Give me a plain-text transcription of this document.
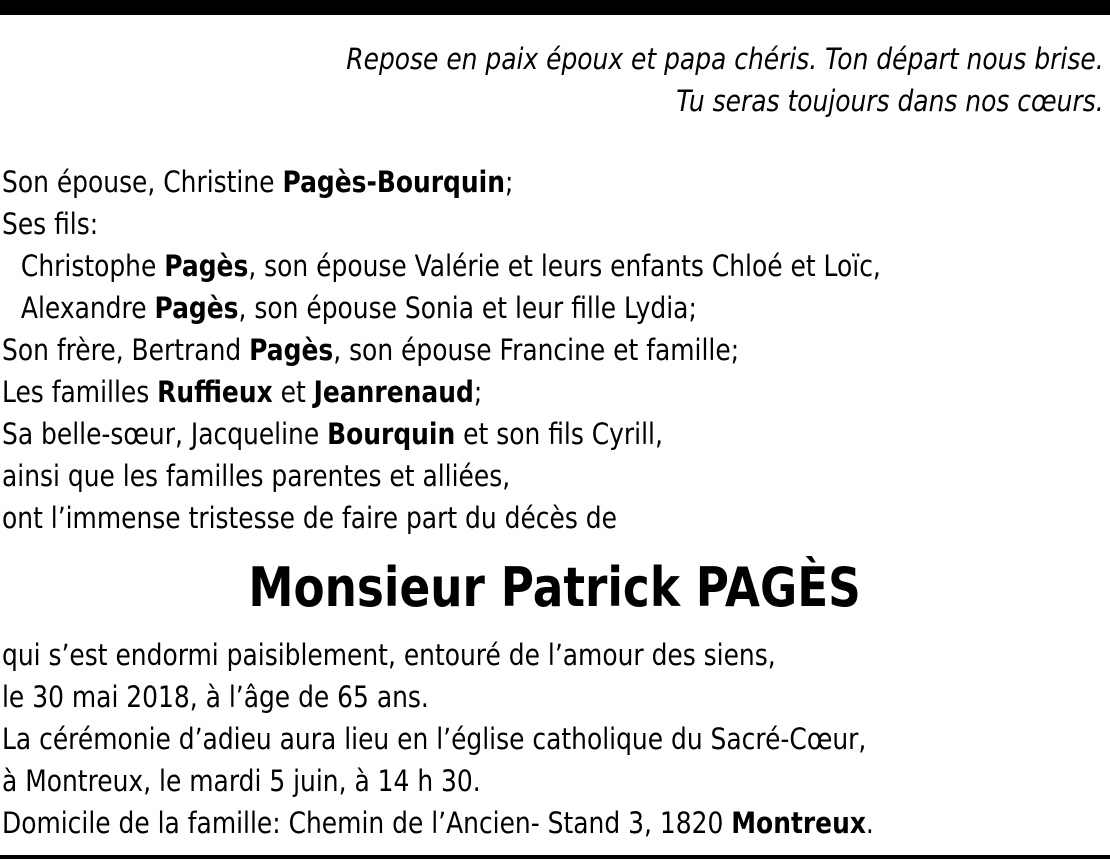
Repose en paix époux et papa chéris. Ton départ nous brise.
Tu seras toujours dans nos cœurs.
Son épouse, Christine Pagès-Bourquin;
Ses fils:
Christophe Pagès, son épouse Valérie et leurs enfants Chloé et Loïc,
Alexandre Pagès, son épouse Sonia et leur fille Lydia;
Son frère, Bertrand Pagès, son épouse Francine et famille;
Les familles Ruffieux et Jeanrenaud;
Sa belle-sœur, Jacqueline Bourquin et son fils Cyrill,
ainsi que les familles parentes et alliées,
ont l’immense tristesse de faire part du décès de
Monsieur Patrick PAGÈS
qui s’est endormi paisiblement, entouré de l’amour des siens,
le 30 mai 2018, à l’âge de 65 ans.
La cérémonie d’adieu aura lieu en l’église catholique du Sacré-Cœur,
à Montreux, le mardi 5 juin, à 14 h 30.
Domicile de la famille: Chemin de l’Ancien- Stand 3, 1820 Montreux.
